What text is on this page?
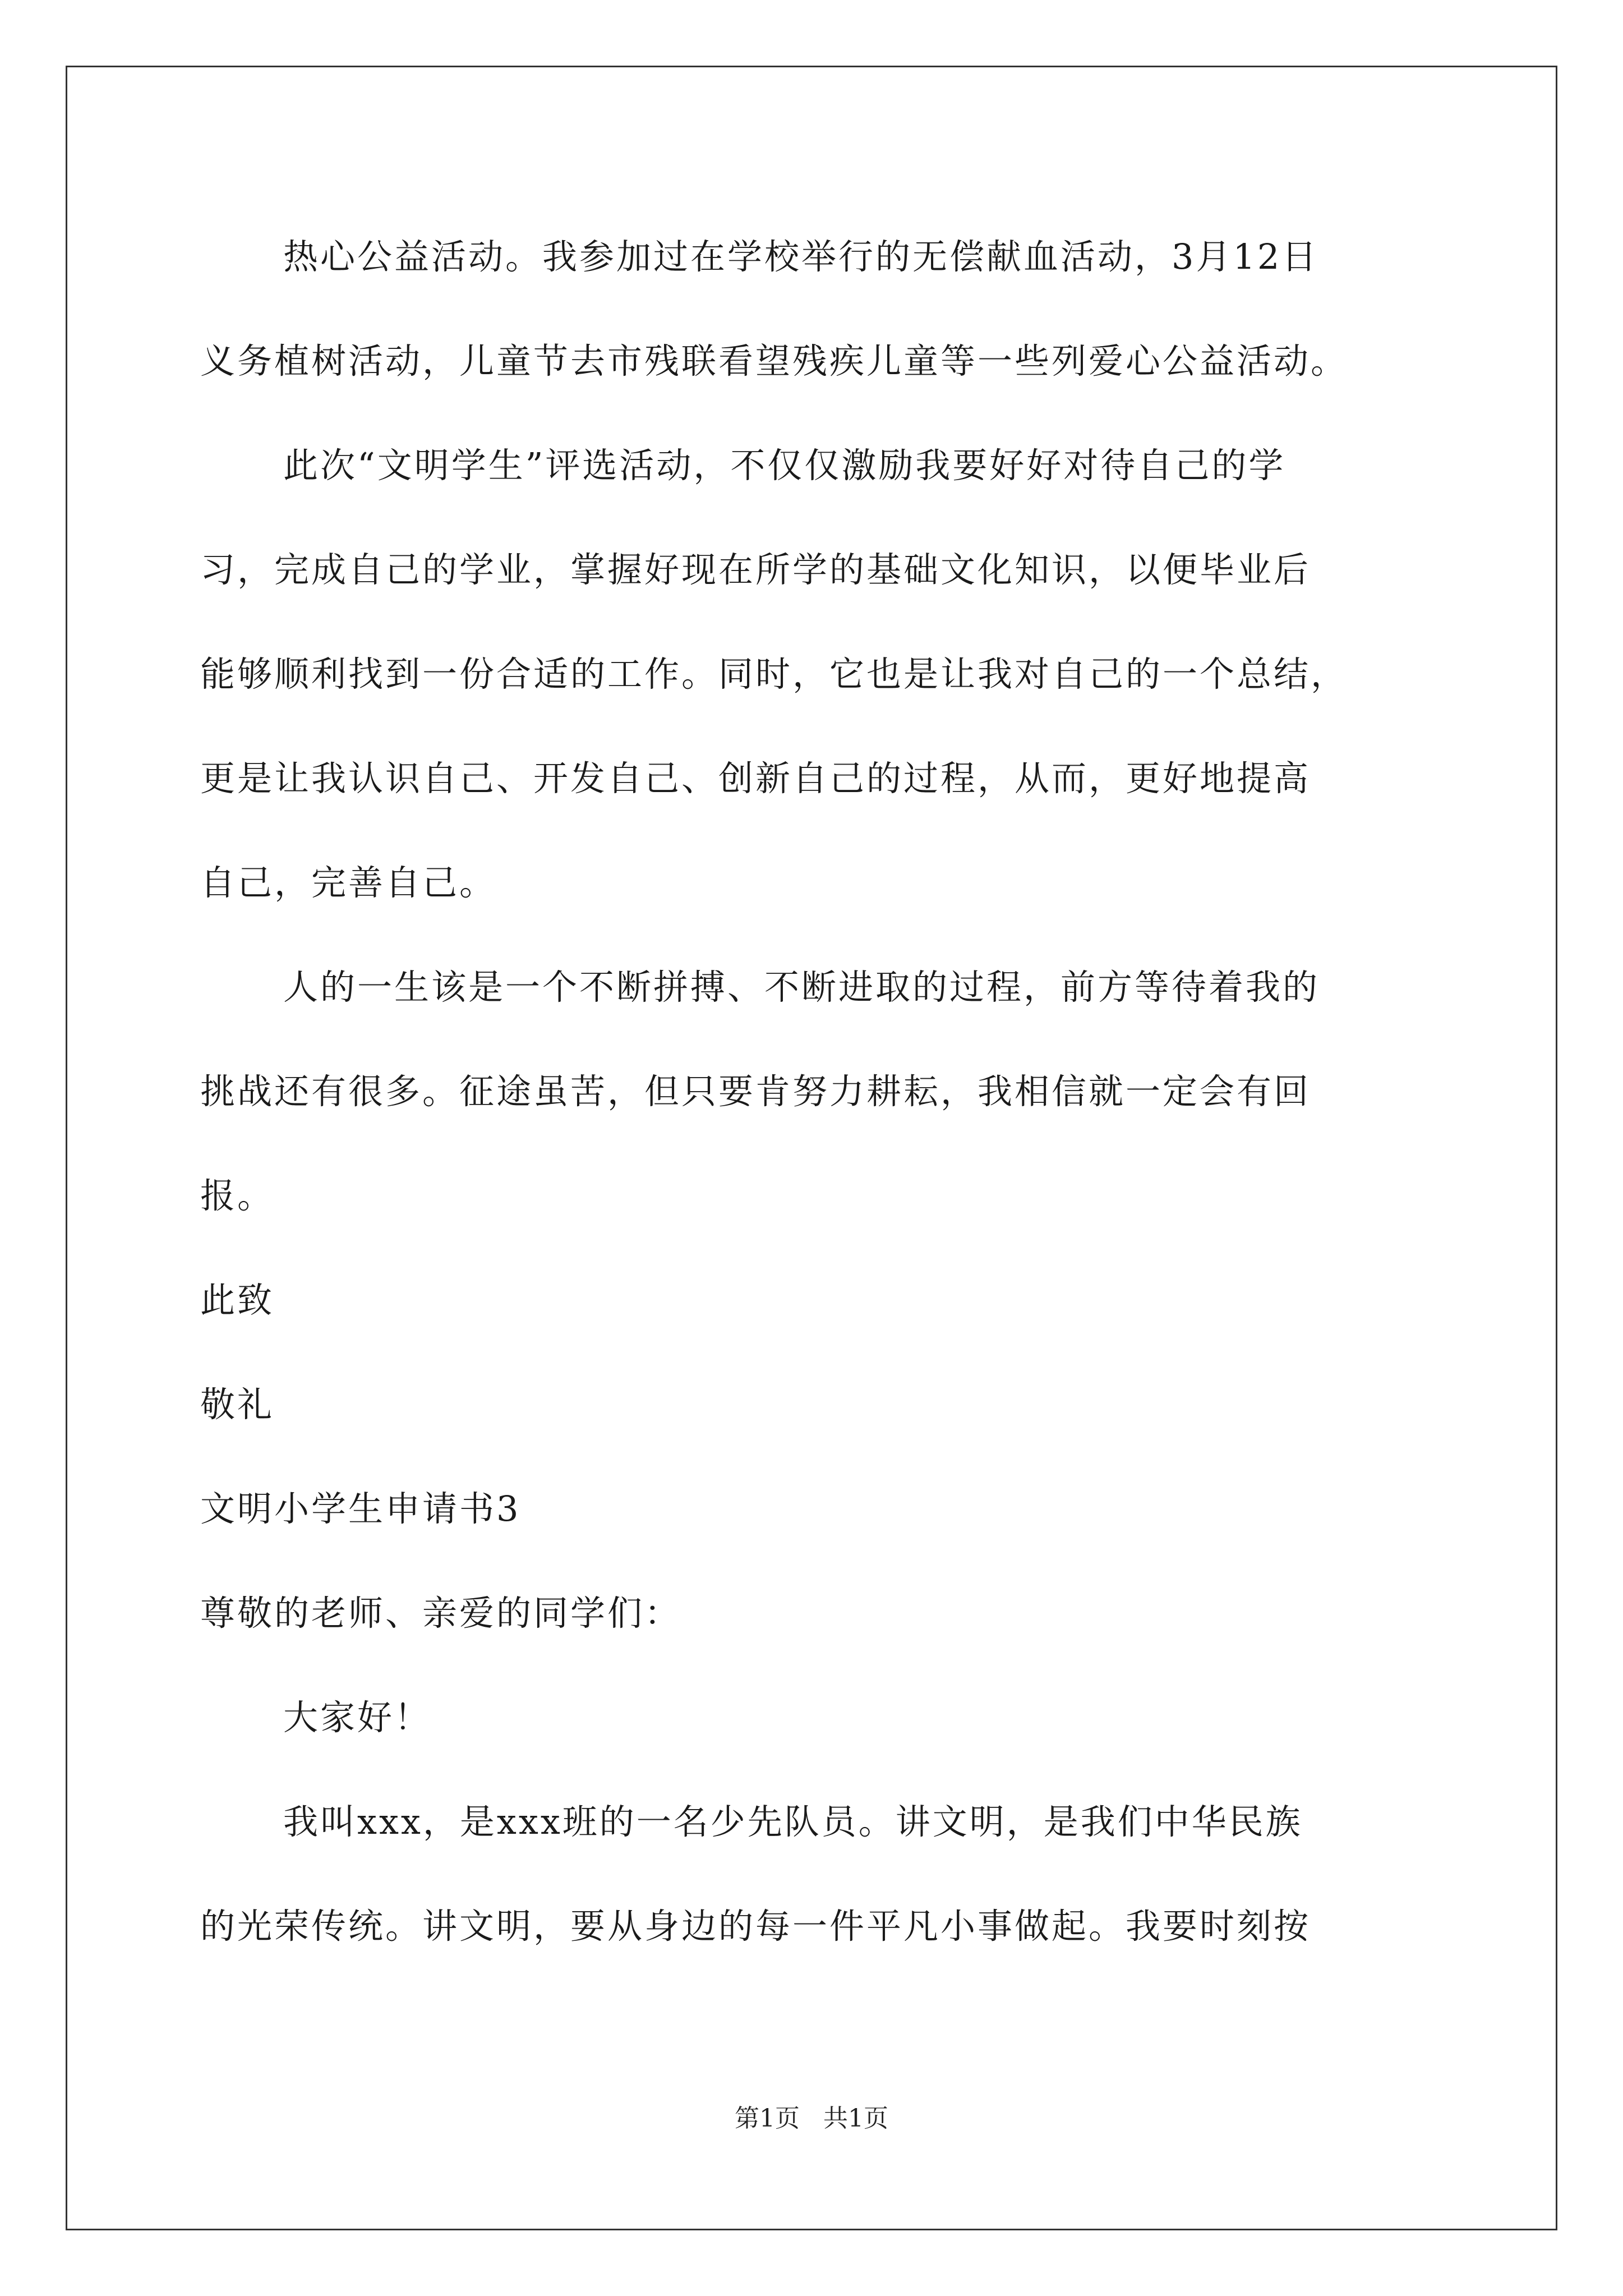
热心公益活动。我参加过在学校举行的无偿献血活动，3月12日
义务植树活动，儿童节去市残联看望残疾儿童等一些列爱心公益活动。
此次“文明学生”评选活动，不仅仅激励我要好好对待自己的学
习，完成自己的学业，掌握好现在所学的基础文化知识，以便毕业后
能够顺利找到一份合适的工作。同时，它也是让我对自己的一个总结，
更是让我认识自己、开发自己、创新自己的过程，从而，更好地提高
自己，完善自己。
人的一生该是一个不断拼搏、不断进取的过程，前方等待着我的
挑战还有很多。征途虽苦，但只要肯努力耕耘，我相信就一定会有回
报。
此致
敬礼
文明小学生申请书3
尊敬的老师、亲爱的同学们：
大家好！
我叫xxx，是xxx班的一名少先队员。讲文明，是我们中华民族
的光荣传统。讲文明，要从身边的每一件平凡小事做起。我要时刻按
第1页 共1页
